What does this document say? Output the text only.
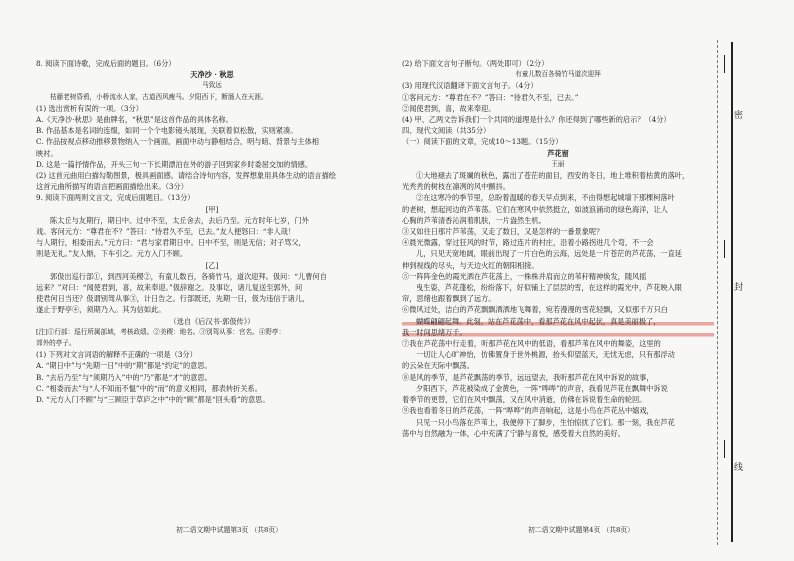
8. 阅读下面诗歌，完成后面的题目。（6分）

天净沙 · 秋思

马致远

枯藤老树昏鸦，小桥流水人家，古道西风瘦马。夕阳西下，断肠人在天涯。

(1) 选出赏析有误的一项。（3分）

A.《天净沙·秋思》是曲牌名，“秋思”是这首作品的具体名称。

B. 作品基本是名词的连缀，如同一个个电影镜头展现，关联着似松散，实则紧凑。

C. 作品按视点移动推移景物纳入一个画面，画面中动与静相结合，明与暗、背景与主体相

映衬。

D. 这是一篇抒情作品，开头三句一下长期漂泊在外的游子回到家乡时委屈交加的情感。

(2) 这首元曲用白描勾勒图景，极具画面感。请结合诗句内容，发挥想象用具体生动的语言描绘

这首元曲所描写的语言把画面描绘出来。（3分）

9. 阅读下面两则文言文，完成后面题目。（13分）

[甲]

陈太丘与友期行，期日中。过中不至，太丘舍去，去后乃至。元方时年七岁，门外

戏。客问元方：“尊君在不？”答曰：“待君久不至，已去。”友人便怒曰：“非人哉！

与人期行，相委而去。”元方曰：“君与家君期日中。日中不至，则是无信；对子骂父，

则是无礼。”友人惭，下车引之。元方入门不顾。

[乙]

郭伋出巡行部①，到西河美稷②，有童儿数百，各骑竹马，道次迎拜。伋问：“儿曹何自

远来？”对曰：“闻使君到，喜，故来奉迎。”伋辞谢之。及事讫，诸儿复送至郭外，问

使君何日当还？伋谓别驾从事③，计日告之。行部既还，先期一日，伋为违信于诸儿，

遂止于野亭④，须期乃入。其为信如此。

（选自《后汉书·郭伋传》）

[注]①行部：巡行所属部域，考核政绩。②美稷：地名。③别驾从事：官名。④野亭：

郊外的亭子。

(1) 下列对文言词语的解释不正确的一项是（3分）

A. “期日中”与“先期一日”中的“期”都是“约定”的意思。

B. “去后乃至”与“须期乃入”中的“乃”都是“才”的意思。

C. “相委而去”与“人不知而不愠”中的“而”的意义相同，都表转折关系。

D. “元方入门不顾”与“三顾臣于草庐之中”中的“顾”都是“回头看”的意思。

(2) 给下面文言句子断句。（两处即可）（2分）

有童儿数百各骑竹马道次迎拜

(3) 用现代汉语翻译下面文言句子。（4分）

①客问元方：“尊君在不？”答曰：“待君久不至，已去。”

②闻使君到，喜，故来奉迎。

(4) 甲、乙两文告诉我们一个共同的道理是什么？你还得到了哪些新的启示？（4分）

四、现代文阅读（共35分）

（一）阅读下面的文章，完成10～13题。（15分）

芦花留

王丽

①大地褪去了斑斓的秋色，露出了苍茫的面目，西安的冬日，地上堆积着枯黄的落叶，

光秃秃的树枝在凛冽的风中颤抖。

②在这寒冷的季节里，总盼着温暖的春天早点到来，不由得想起城墙下那棵柯落叶

的老树，想起河边的芦苇荡。它们在寒风中依然挺立，如波浪涌动的绿色海洋，让人

心胸的芦苇清香沁润着肌肤，一片盎然生机。

③又如往日那片芦苇荡，又走了数日，又是怎样的一番景象呢？

④晨光微露，穿过狂风的时节，路过连片的村庄，沿着小路拐进几个弯，不一会

儿，只见天宽地阔，眼前出现了一片白色的云海，远处是一片苍茫的芦花荡，一直延

伸到视线的尽头，与天边火红的朝阳相接。

⑤一阵阵金色的霞光洒在芦花荡上，一株株并肩而立的苇秆精神焕发，随风摇

曳生姿，芦花蓬松，纷纷落下，好似铺上了层层的雪，在这样的霞光中，芦花映入眼

帘，思绪也跟着飘到了远方。

⑥微风过处，洁白的芦花飘飘洒洒地飞舞着，宛若漫漫的雪花轻飘，又似那千万只白

蝴蝶翩翩起舞。此刻，站在芦花荡中，看那芦花在风中起伏，真是美丽极了，

我一时间思绪万千。

⑦我在芦花荡中行走着，听那芦花在风中的低语，看那芦苇在风中的舞姿，这里的

一切让人心旷神怡，仿佛置身于世外桃源，抬头仰望蓝天，无忧无虑，只有那浮动

的云朵在天际中飘荡。

⑧是风的季节，是芦花飘荡的季节，远远望去，我听那芦花在风中诉说的故事，

夕阳西下，芦花被染成了金黄色，一阵“哗哗”的声音，我看见芦花在飘舞中诉说

着季节的更替，它们在风中飘荡，又在风中消逝，仿佛在诉说着生命的轮回。

⑨我也看着冬日的芦花荡，一阵“哗哗”的声音响起，这是小鸟在芦花丛中嬉戏，

只见一只小鸟落在芦苇上，我便停下了脚步，生怕惊扰了它们。那一刻，我在芦花

荡中与自然融为一体，心中充满了宁静与喜悦，感受着大自然的美好。

初二语文期中试题第3页 （共8页）	初二语文期中试题第4页 （共8页）
密
封
线
